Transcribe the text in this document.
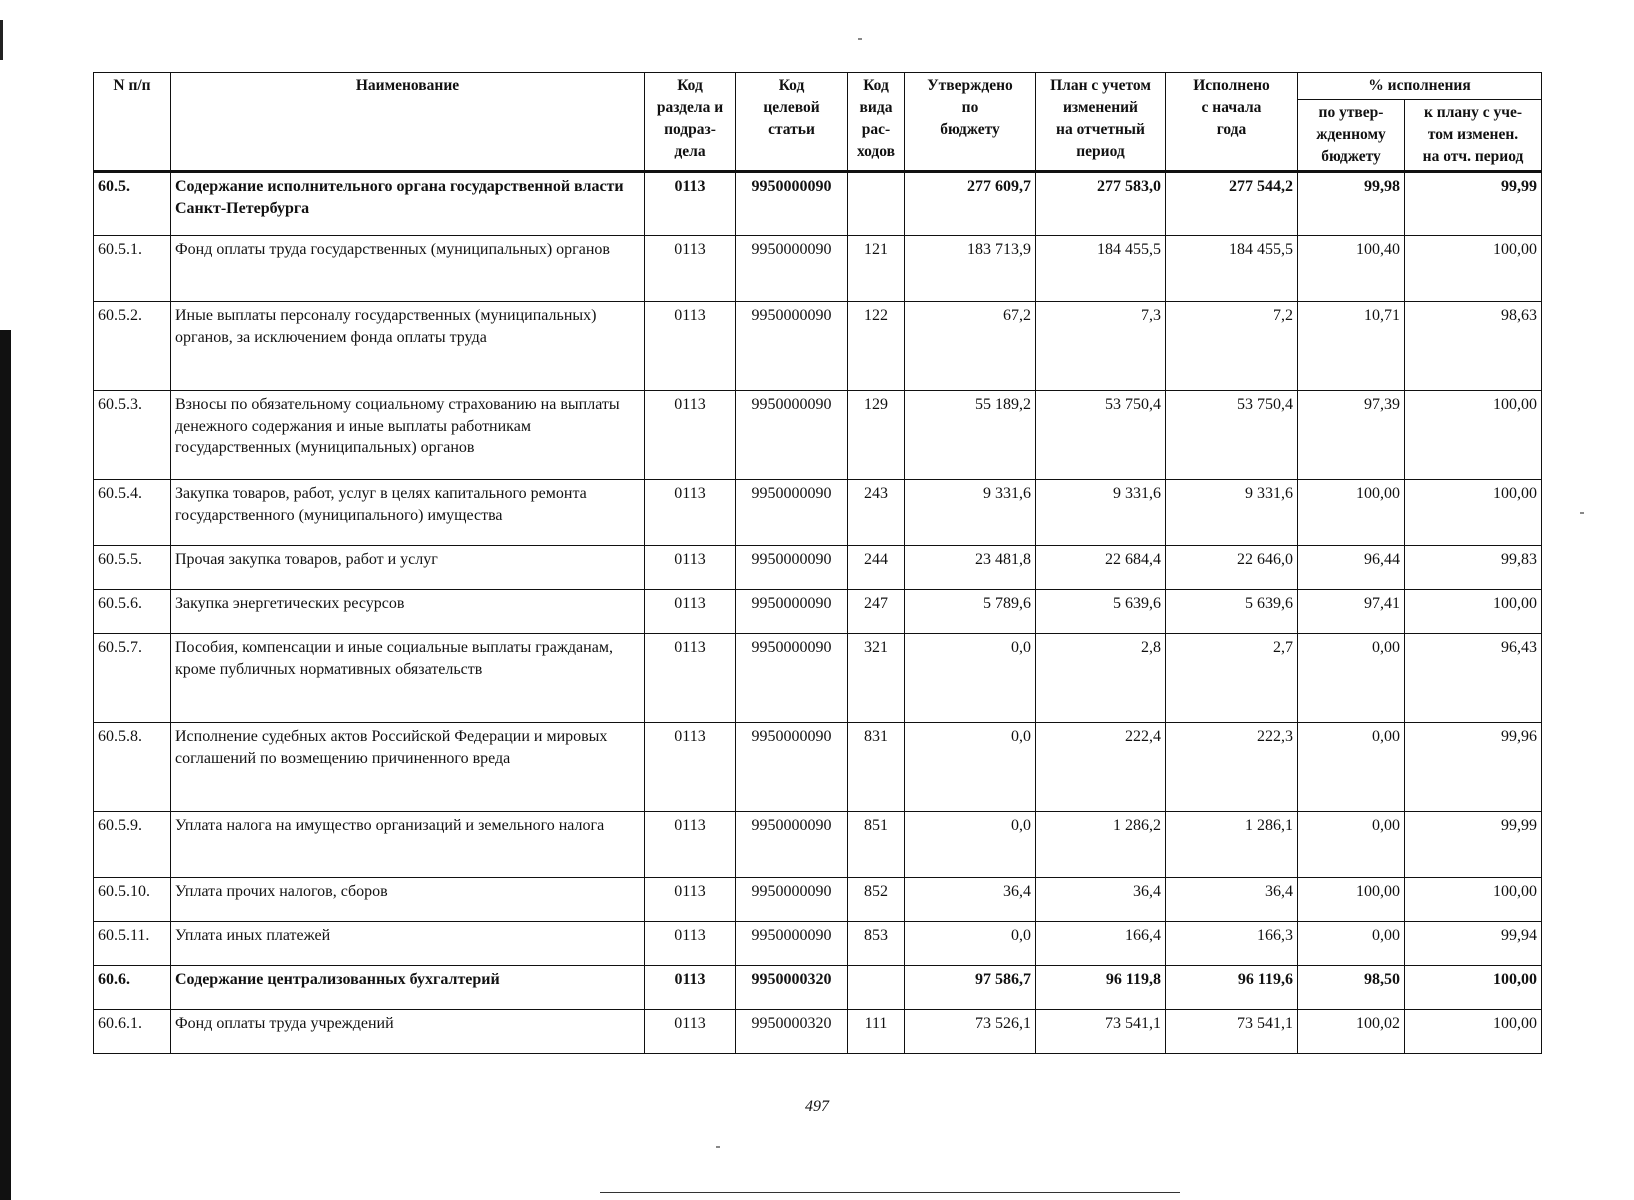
N п/п	Наименование	Код
раздела и
подраз-
дела	Код
целевой
статьи	Код
вида
рас-
ходов	Утверждено
по
бюджету	План с учетом
изменений
на отчетный
период	Исполнено
с начала
года	% исполнения	
								по утвер-
жденному
бюджету	к плану с уче-
том изменен.
на отч. период
60.5.	Содержание исполнительного органа государственной власти Санкт-Петербурга	0113	9950000090		277 609,7	277 583,0	277 544,2	99,98	99,99
60.5.1.	Фонд оплаты труда государственных (муниципальных) органов	0113	9950000090	121	183 713,9	184 455,5	184 455,5	100,40	100,00
60.5.2.	Иные выплаты персоналу государственных (муниципальных) органов, за исключением фонда оплаты труда	0113	9950000090	122	67,2	7,3	7,2	10,71	98,63
60.5.3.	Взносы по обязательному социальному страхованию на выплаты денежного содержания и иные выплаты работникам государственных (муниципальных) органов	0113	9950000090	129	55 189,2	53 750,4	53 750,4	97,39	100,00
60.5.4.	Закупка товаров, работ, услуг в целях капитального ремонта государственного (муниципального) имущества	0113	9950000090	243	9 331,6	9 331,6	9 331,6	100,00	100,00
60.5.5.	Прочая закупка товаров, работ и услуг	0113	9950000090	244	23 481,8	22 684,4	22 646,0	96,44	99,83
60.5.6.	Закупка энергетических ресурсов	0113	9950000090	247	5 789,6	5 639,6	5 639,6	97,41	100,00
60.5.7.	Пособия, компенсации и иные социальные выплаты гражданам, кроме публичных нормативных обязательств	0113	9950000090	321	0,0	2,8	2,7	0,00	96,43
60.5.8.	Исполнение судебных актов Российской Федерации и мировых соглашений по возмещению причиненного вреда	0113	9950000090	831	0,0	222,4	222,3	0,00	99,96
60.5.9.	Уплата налога на имущество организаций и земельного налога	0113	9950000090	851	0,0	1 286,2	1 286,1	0,00	99,99
60.5.10.	Уплата прочих налогов, сборов	0113	9950000090	852	36,4	36,4	36,4	100,00	100,00
60.5.11.	Уплата иных платежей	0113	9950000090	853	0,0	166,4	166,3	0,00	99,94
60.6.	Содержание централизованных бухгалтерий	0113	9950000320		97 586,7	96 119,8	96 119,6	98,50	100,00
60.6.1.	Фонд оплаты труда учреждений	0113	9950000320	111	73 526,1	73 541,1	73 541,1	100,02	100,00
497
